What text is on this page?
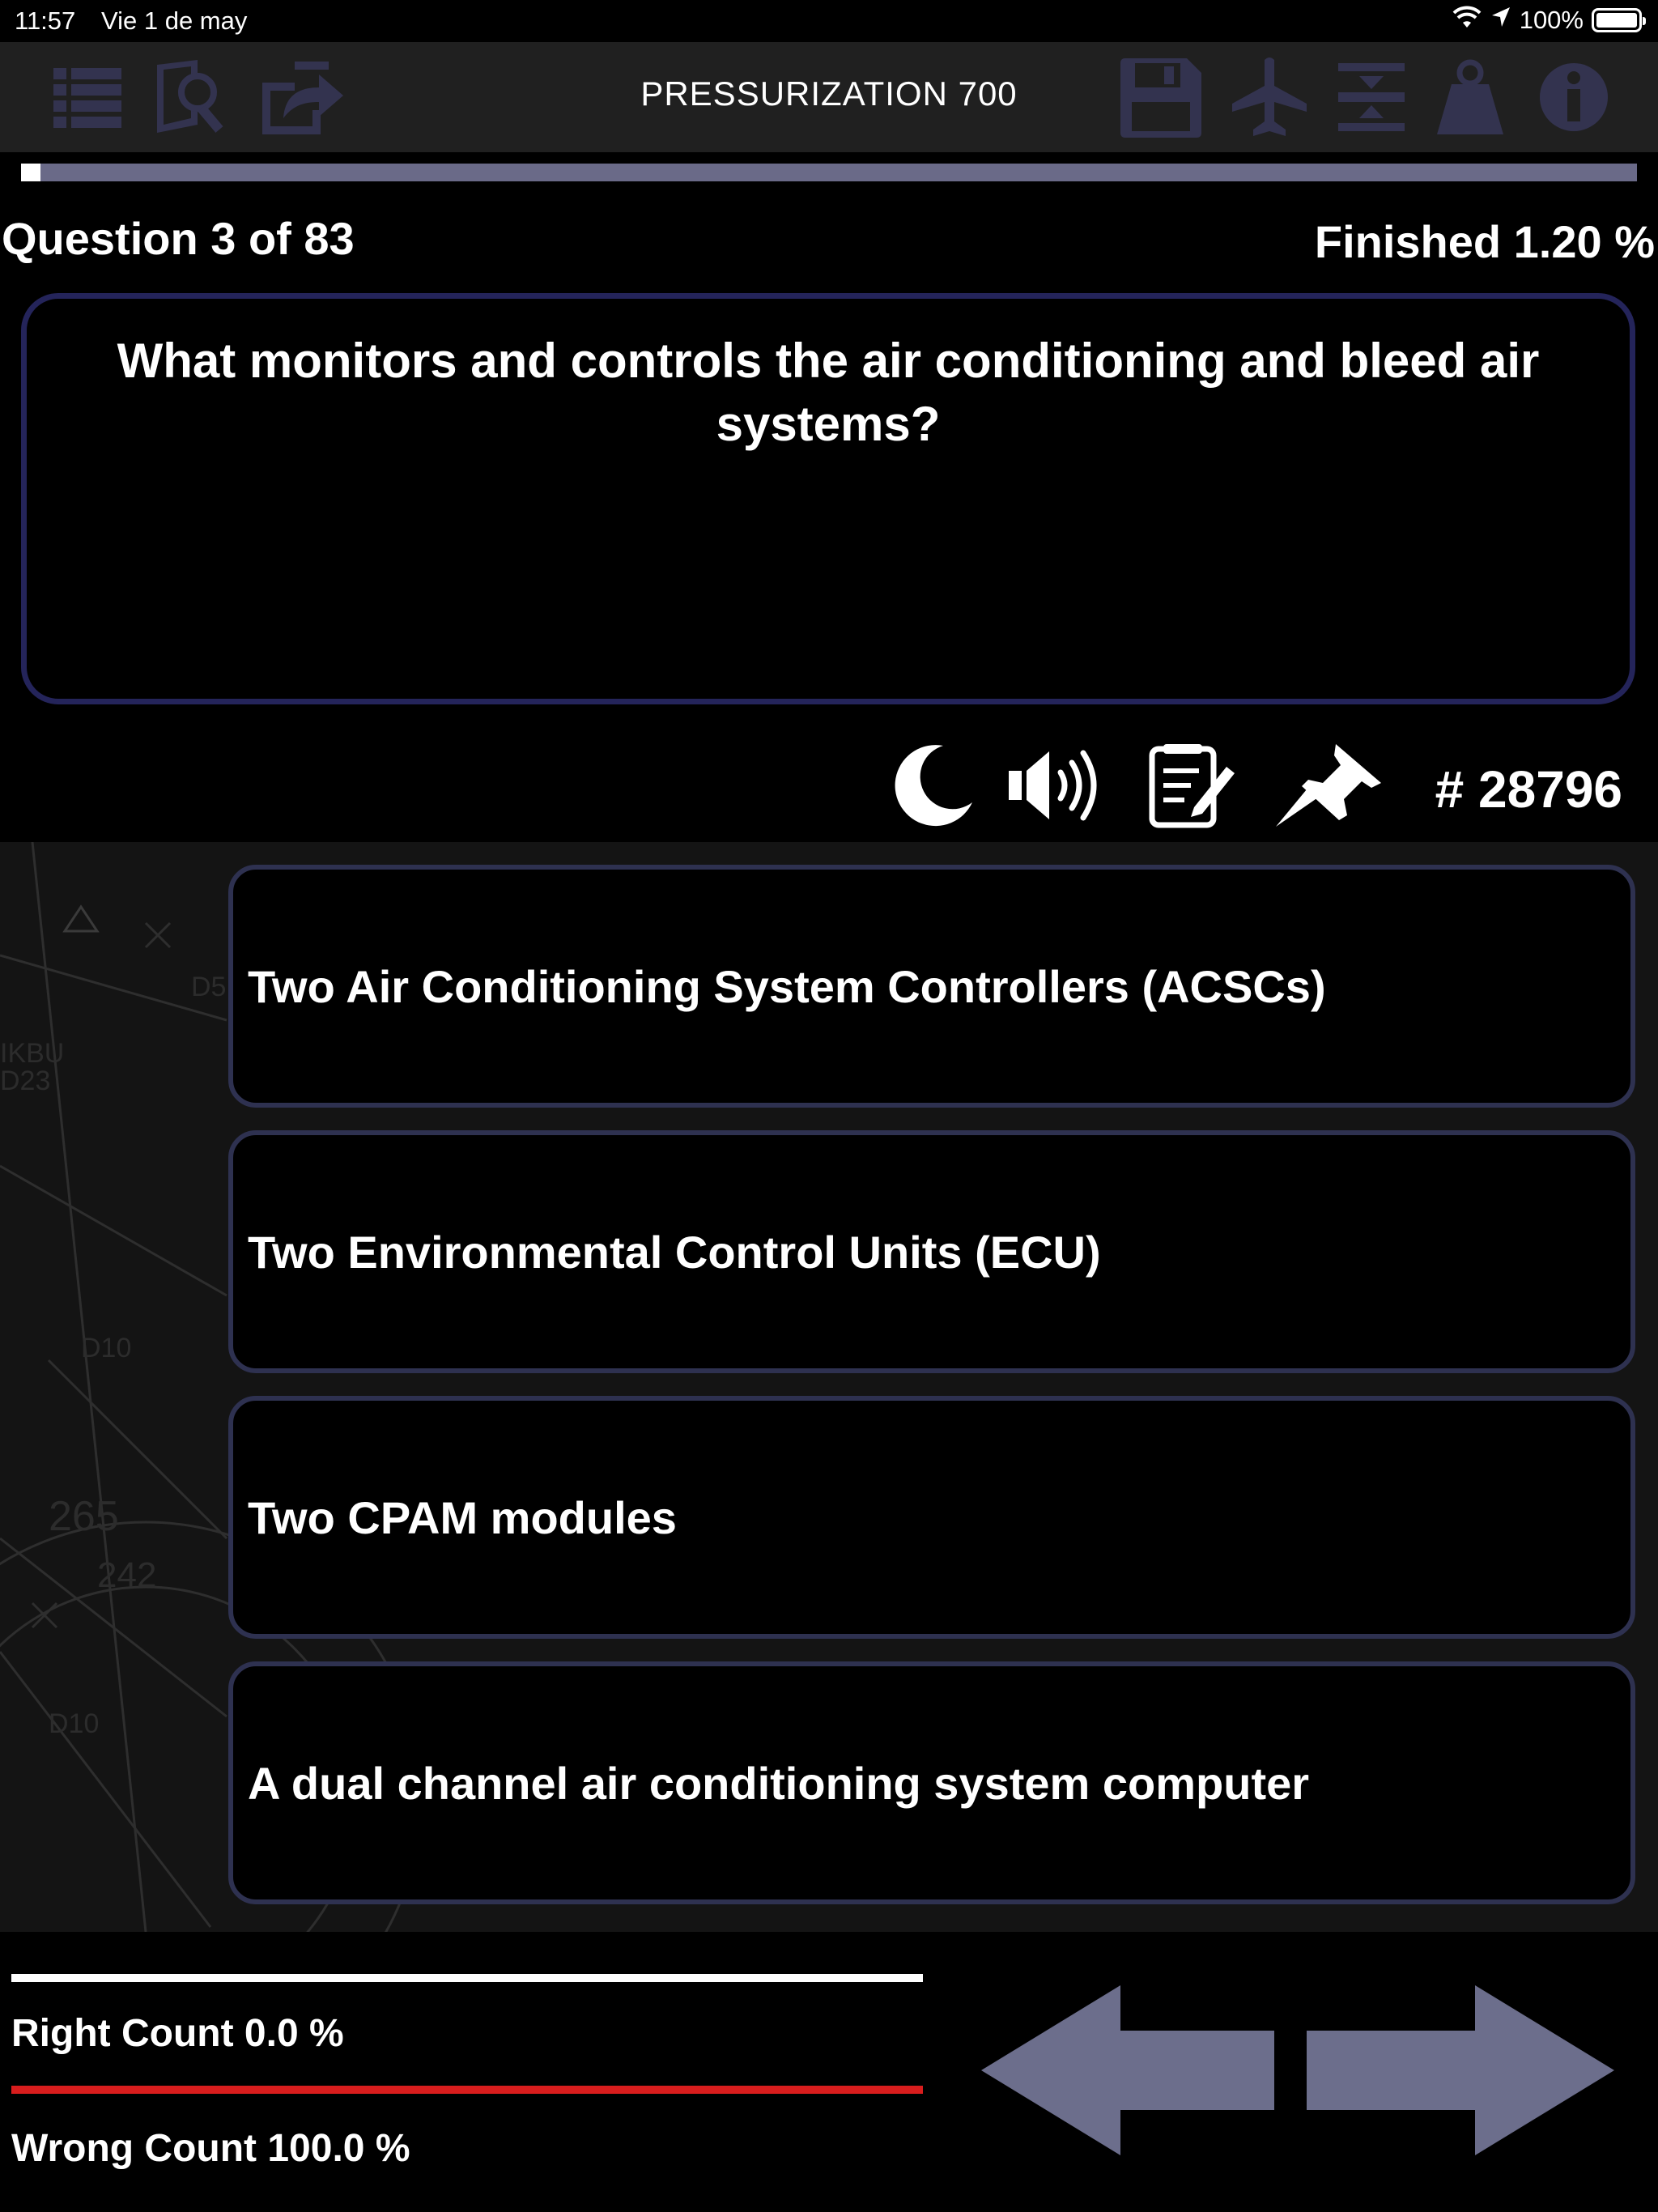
11:57 Vie 1 de may	100%
PRESSURIZATION 700
Question 3 of 83	Finished 1.20 %
What monitors and controls the air conditioning and bleed air systems?
# 28796
D5
IKBU
D23
D10
265
242
D10
Two Air Conditioning System Controllers (ACSCs)
Two Environmental Control Units (ECU)
Two CPAM modules
A dual channel air conditioning system computer
Right Count 0.0 %
Wrong Count 100.0 %
